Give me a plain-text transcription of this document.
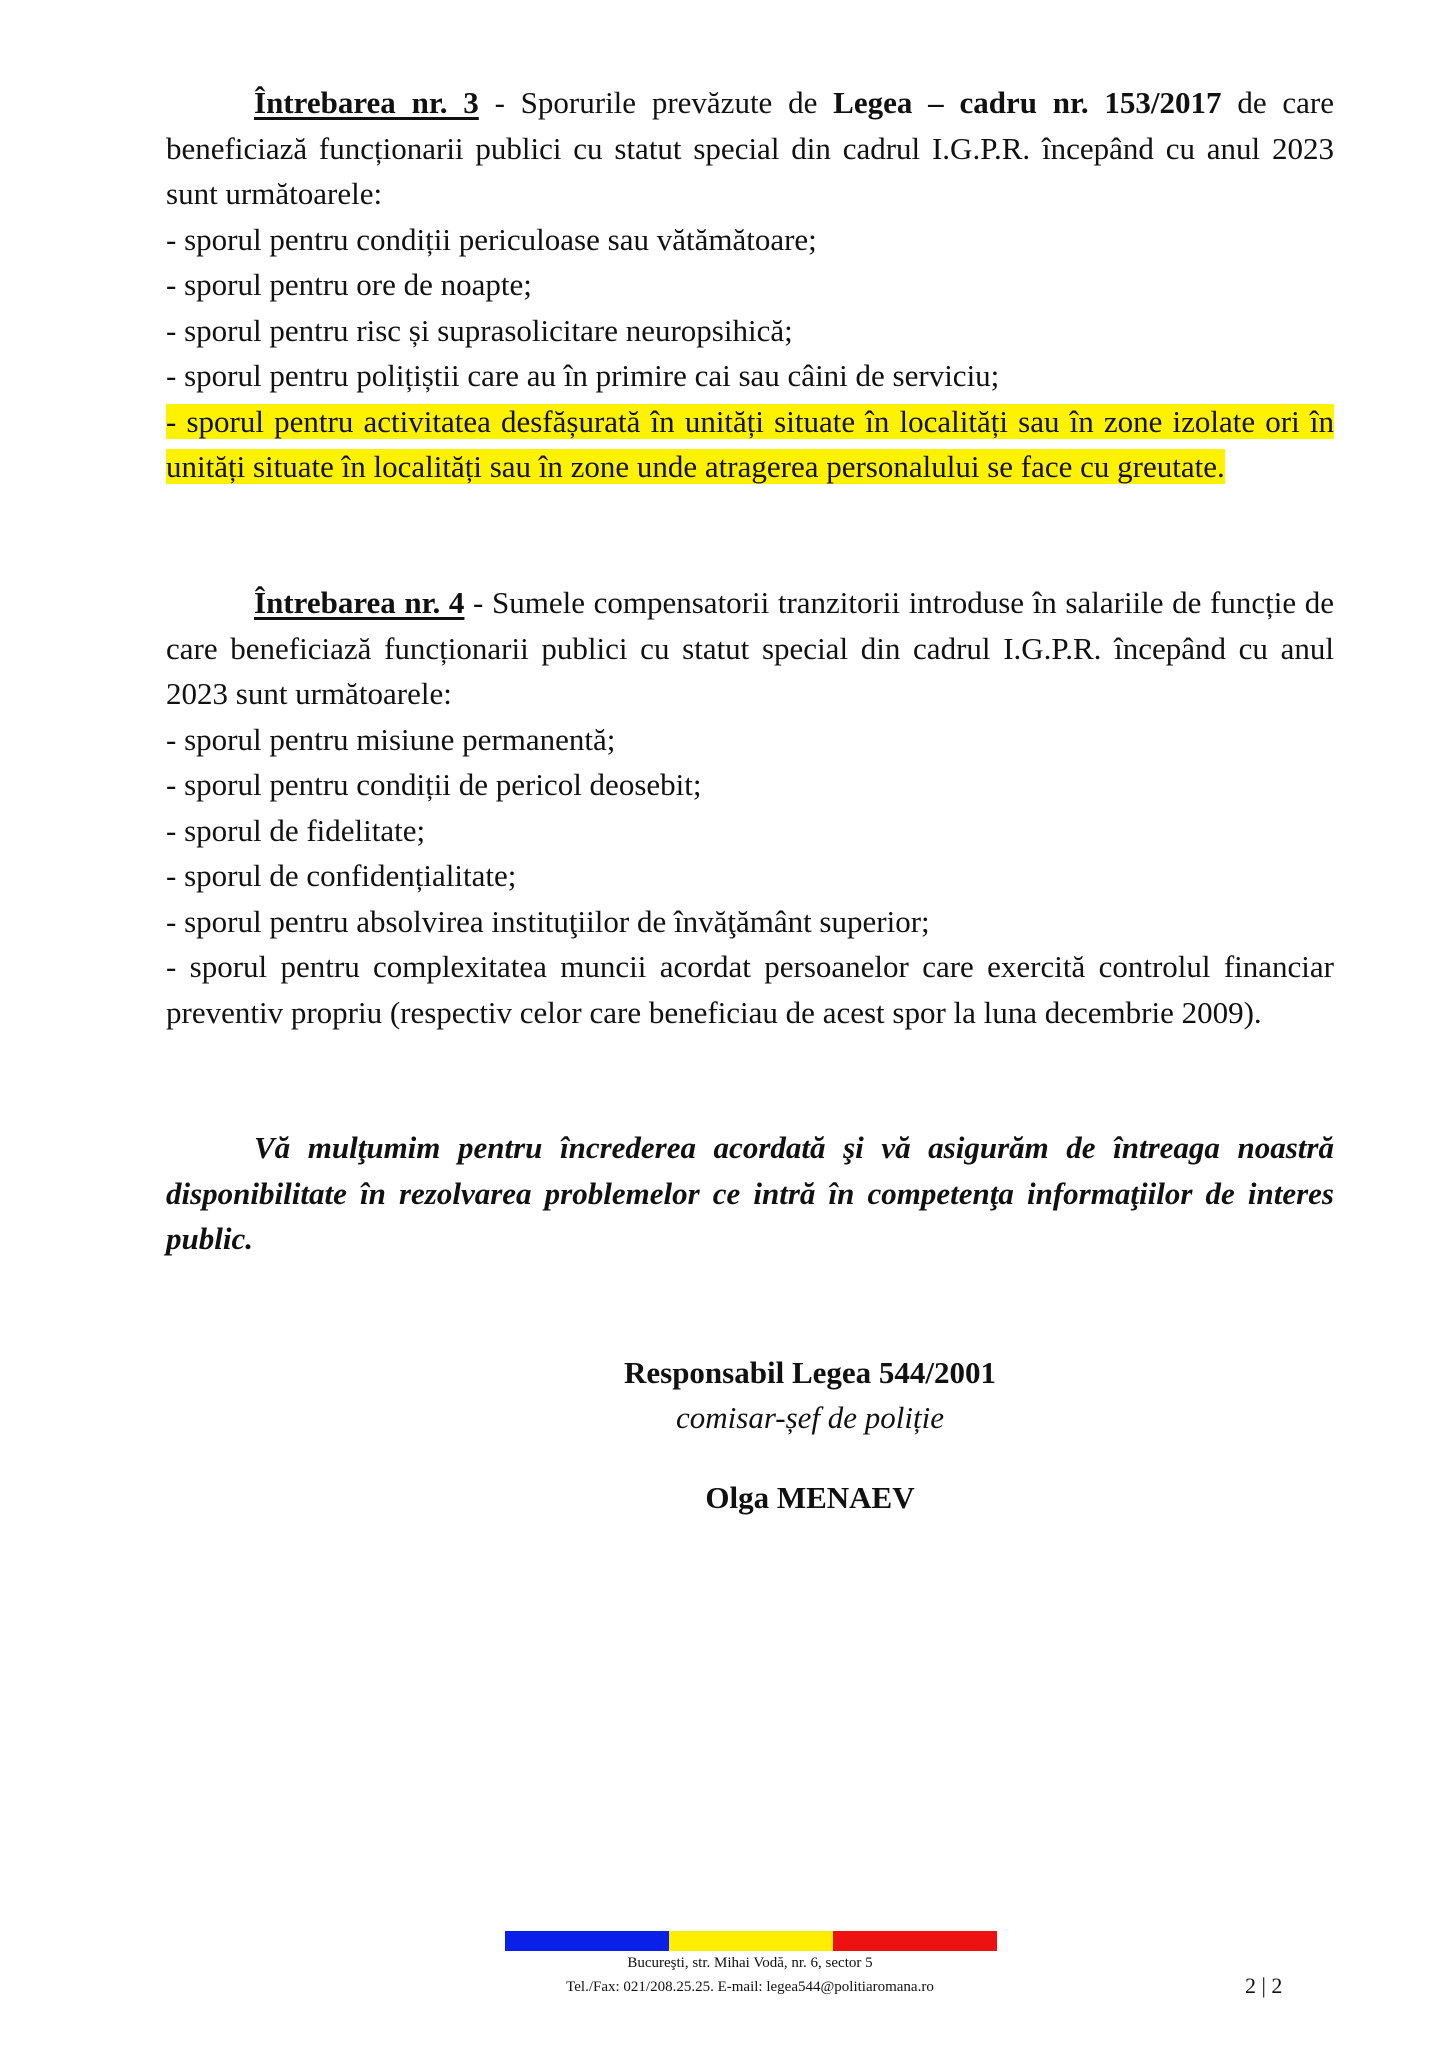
Întrebarea nr. 3 - Sporurile prevăzute de Legea – cadru nr. 153/2017 de care beneficiază funcționarii publici cu statut special din cadrul I.G.P.R. începând cu anul 2023 sunt următoarele:

- sporul pentru condiții periculoase sau vătămătoare;

- sporul pentru ore de noapte;

- sporul pentru risc și suprasolicitare neuropsihică;

- sporul pentru polițiștii care au în primire cai sau câini de serviciu;

- sporul pentru activitatea desfășurată în unități situate în localități sau în zone izolate ori în unități situate în localități sau în zone unde atragerea personalului se face cu greutate.

Întrebarea nr. 4 - Sumele compensatorii tranzitorii introduse în salariile de funcție de care beneficiază funcționarii publici cu statut special din cadrul I.G.P.R. începând cu anul 2023 sunt următoarele:

- sporul pentru misiune permanentă;

- sporul pentru condiții de pericol deosebit;

- sporul de fidelitate;

- sporul de confidențialitate;

- sporul pentru absolvirea instituţiilor de învăţământ superior;

- sporul pentru complexitatea muncii acordat persoanelor care exercită controlul financiar preventiv propriu (respectiv celor care beneficiau de acest spor la luna decembrie 2009).

Vă mulţumim pentru încrederea acordată şi vă asigurăm de întreaga noastră disponibilitate în rezolvarea problemelor ce intră în competenţa informaţiilor de interes public.

Responsabil Legea 544/2001
comisar-șef de poliție
Olga MENAEV
Bucureşti, str. Mihai Vodă, nr. 6, sector 5
Tel./Fax: 021/208.25.25. E-mail: legea544@politiaromana.ro	2 | 2
